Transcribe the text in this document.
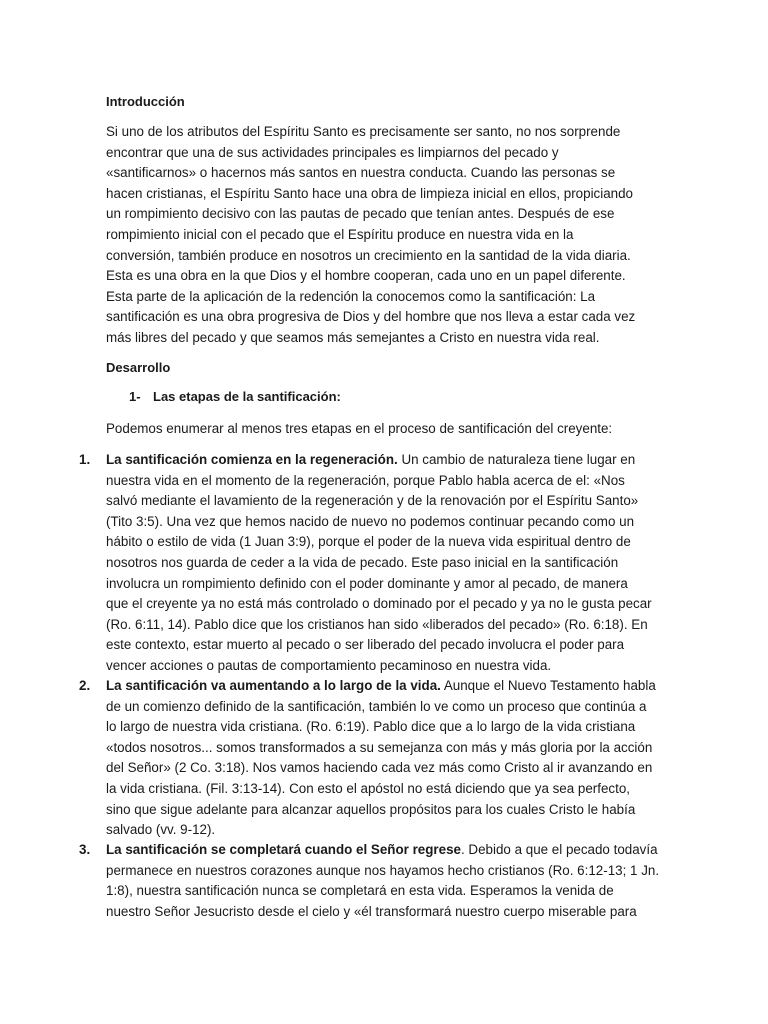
Introducción
Si uno de los atributos del Espíritu Santo es precisamente ser santo, no nos sorprende
encontrar que una de sus actividades principales es limpiarnos del pecado y
«santificarnos» o hacernos más santos en nuestra conducta. Cuando las personas se
hacen cristianas, el Espíritu Santo hace una obra de limpieza inicial en ellos, propiciando
un rompimiento decisivo con las pautas de pecado que tenían antes. Después de ese
rompimiento inicial con el pecado que el Espíritu produce en nuestra vida en la
conversión, también produce en nosotros un crecimiento en la santidad de la vida diaria.
Esta es una obra en la que Dios y el hombre cooperan, cada uno en un papel diferente.
Esta parte de la aplicación de la redención la conocemos como la santificación: La
santificación es una obra progresiva de Dios y del hombre que nos lleva a estar cada vez
más libres del pecado y que seamos más semejantes a Cristo en nuestra vida real.
Desarrollo
1- Las etapas de la santificación:
Podemos enumerar al menos tres etapas en el proceso de santificación del creyente:
1. La santificación comienza en la regeneración. Un cambio de naturaleza tiene lugar en
nuestra vida en el momento de la regeneración, porque Pablo habla acerca de el: «Nos
salvó mediante el lavamiento de la regeneración y de la renovación por el Espíritu Santo»
(Tito 3:5). Una vez que hemos nacido de nuevo no podemos continuar pecando como un
hábito o estilo de vida (1 Juan 3:9), porque el poder de la nueva vida espiritual dentro de
nosotros nos guarda de ceder a la vida de pecado. Este paso inicial en la santificación
involucra un rompimiento definido con el poder dominante y amor al pecado, de manera
que el creyente ya no está más controlado o dominado por el pecado y ya no le gusta pecar
(Ro. 6:11, 14). Pablo dice que los cristianos han sido «liberados del pecado» (Ro. 6:18). En
este contexto, estar muerto al pecado o ser liberado del pecado involucra el poder para
vencer acciones o pautas de comportamiento pecaminoso en nuestra vida.
2. La santificación va aumentando a lo largo de la vida. Aunque el Nuevo Testamento habla
de un comienzo definido de la santificación, también lo ve como un proceso que continúa a
lo largo de nuestra vida cristiana. (Ro. 6:19). Pablo dice que a lo largo de la vida cristiana
«todos nosotros... somos transformados a su semejanza con más y más gloria por la acción
del Señor» (2 Co. 3:18). Nos vamos haciendo cada vez más como Cristo al ir avanzando en
la vida cristiana. (Fil. 3:13-14). Con esto el apóstol no está diciendo que ya sea perfecto,
sino que sigue adelante para alcanzar aquellos propósitos para los cuales Cristo le había
salvado (vv. 9-12).
3. La santificación se completará cuando el Señor regrese. Debido a que el pecado todavía
permanece en nuestros corazones aunque nos hayamos hecho cristianos (Ro. 6:12-13; 1 Jn.
1:8), nuestra santificación nunca se completará en esta vida. Esperamos la venida de
nuestro Señor Jesucristo desde el cielo y «él transformará nuestro cuerpo miserable para
